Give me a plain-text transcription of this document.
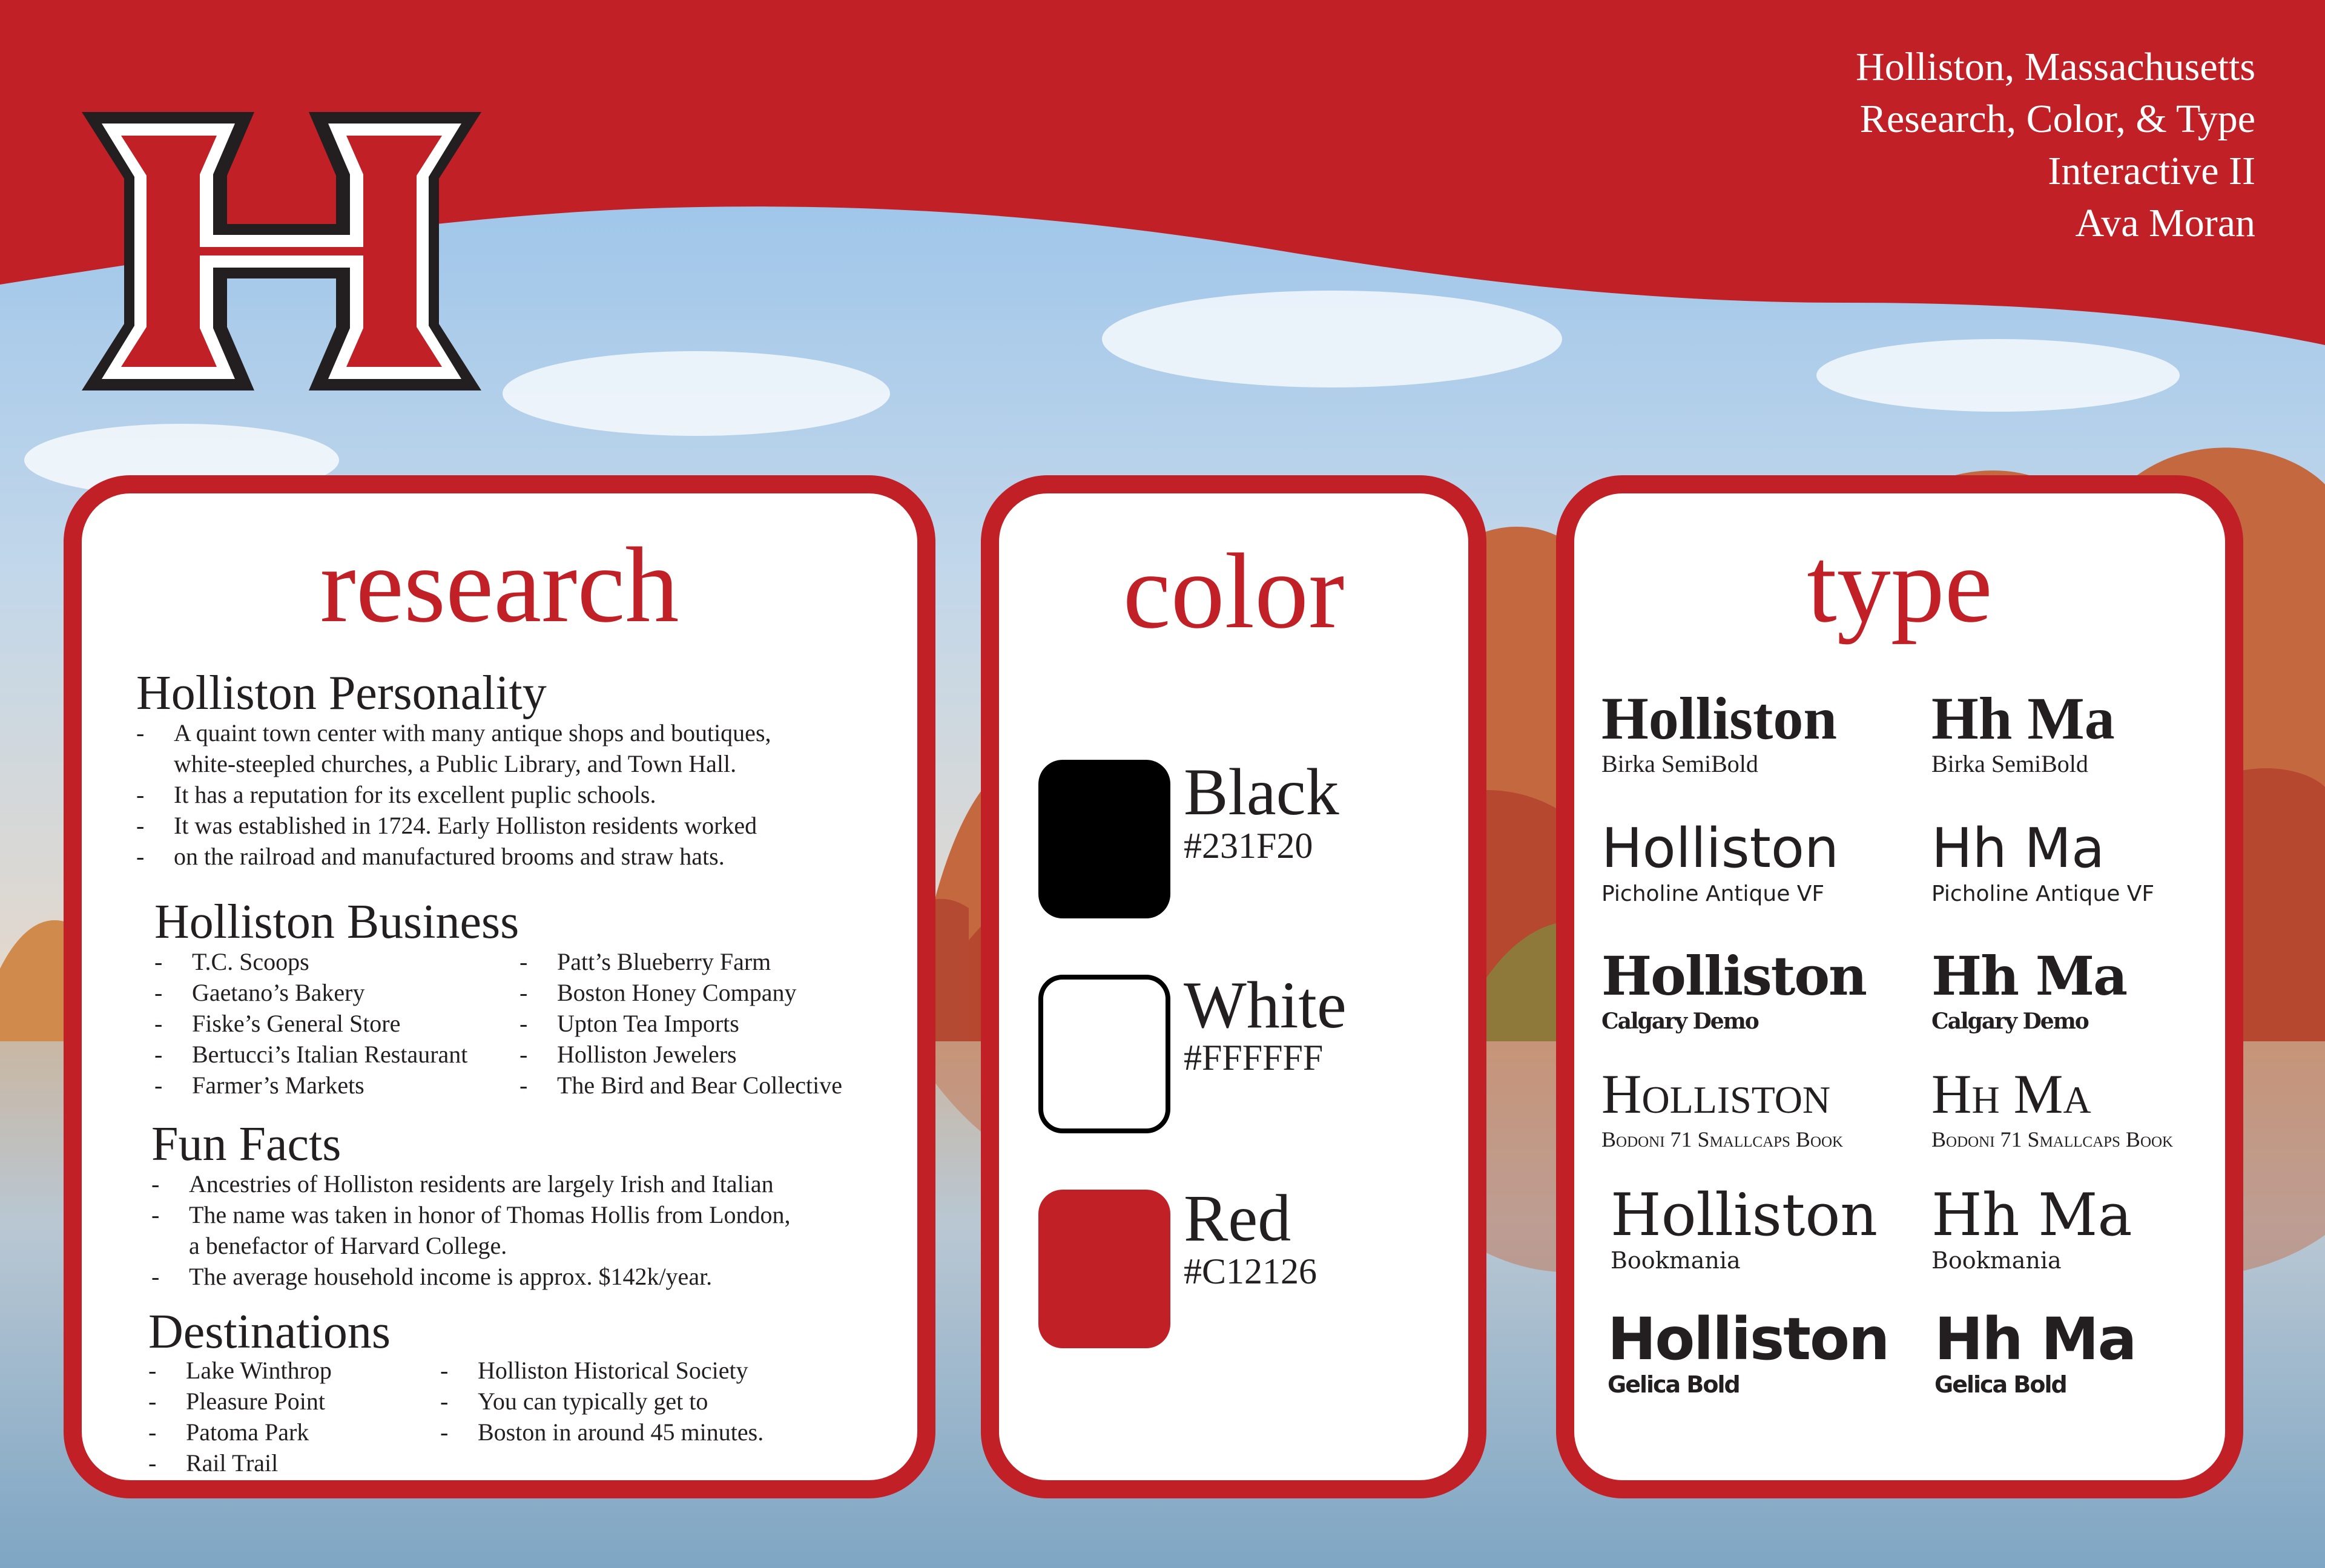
Holliston, Massachusetts
Research, Color, & Type
Interactive II
Ava Moran
research
Holliston Personality
- A quaint town center with many antique shops and boutiques,
white-steepled churches, a Public Library, and Town Hall.
- It has a reputation for its excellent puplic schools.
- It was established in 1724. Early Holliston residents worked
- on the railroad and manufactured brooms and straw hats.
Holliston Business
- T.C. Scoops
- Gaetano’s Bakery
- Fiske’s General Store
- Bertucci’s Italian Restaurant
- Farmer’s Markets
- Patt’s Blueberry Farm
- Boston Honey Company
- Upton Tea Imports
- Holliston Jewelers
- The Bird and Bear Collective
Fun Facts
- Ancestries of Holliston residents are largely Irish and Italian
- The name was taken in honor of Thomas Hollis from London,
a benefactor of Harvard College.
- The average household income is approx. $142k/year.
Destinations
- Lake Winthrop
- Pleasure Point
- Patoma Park
- Rail Trail
- Holliston Historical Society
- You can typically get to
- Boston in around 45 minutes.
color
Black
#231F20
White
#FFFFFF
Red
#C12126
type
Holliston
Birka SemiBold
Hh Ma
Birka SemiBold
Holliston
Picholine Antique VF
Hh Ma
Picholine Antique VF
Holliston
Calgary Demo
Hh Ma
Calgary Demo
Holliston
Bodoni 71 Smallcaps Book
Hh Ma
Bodoni 71 Smallcaps Book
Holliston
Bookmania
Hh Ma
Bookmania
Holliston
Gelica Bold
Hh Ma
Gelica Bold
